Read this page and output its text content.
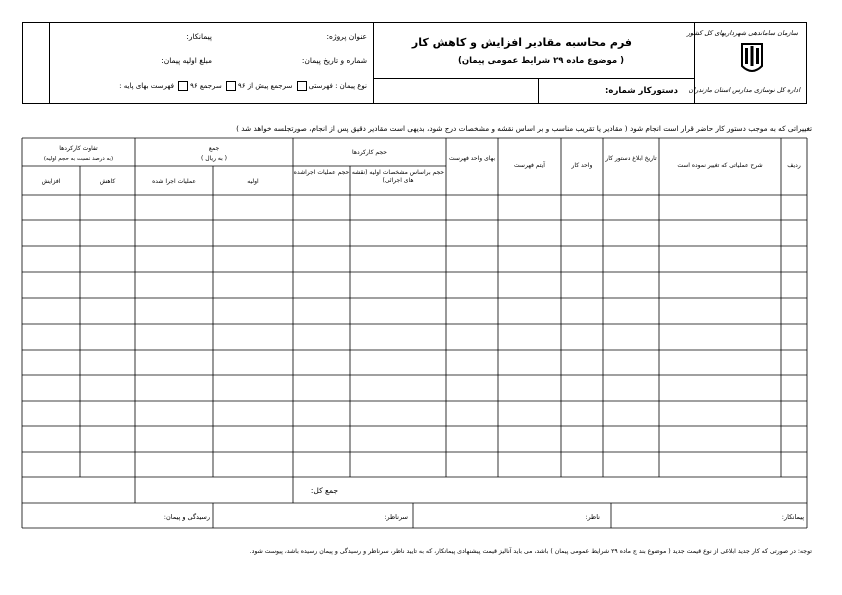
سازمان ساماندهی شهرداریهای کل کشور
اداره کل نوسازی مدارس استان مازندران
فرم محاسبه مقادیر افزایش و کاهش کار
( موضوع ماده ۲۹ شرایط عمومی پیمان)
دستورکار شماره:
عنوان پروژه:
پیمانکار:
شماره و تاریخ پیمان:
مبلغ اولیه پیمان:
نوع پیمان : فهرستی سرجمع پیش از ۹۶ سرجمع ۹۶ فهرست بهای پایه :
تغییراتی که به موجب دستور کار حاضر قرار است انجام شود ( مقادیر یا تقریب مناسب و بر اساس نقشه و مشخصات درج شود، بدیهی است مقادیر دقیق پس از انجام، صورتجلسه خواهد شد )
ردیف
شرح عملیاتی که تغییر نموده است
تاریخ ابلاغ دستور کار
واحد کار
آیتم فهرست
بهای واحد فهرست
حجم کارکردها
حجم براساس مشخصات اولیه (نقشه های اجرائی)
حجم عملیات اجراشده
جمع
( به ریال )
اولیه
عملیات اجرا شده
تفاوت کارکردها
(به درصد نسبت به حجم اولیه)
کاهش
افزایش
جمع کل:
پیمانکار:
ناظر:
سرناظر:
رسیدگی و پیمان:
توجه: در صورتی که کار جدید ابلاغی از نوع قیمت جدید ( موضوع بند ج ماده ۲۹ شرایط عمومی پیمان ) باشد، می باید آنالیز قیمت پیشنهادی پیمانکار، که به تایید ناظر، سرناظر و رسیدگی و پیمان رسیده باشد، پیوست شود.
